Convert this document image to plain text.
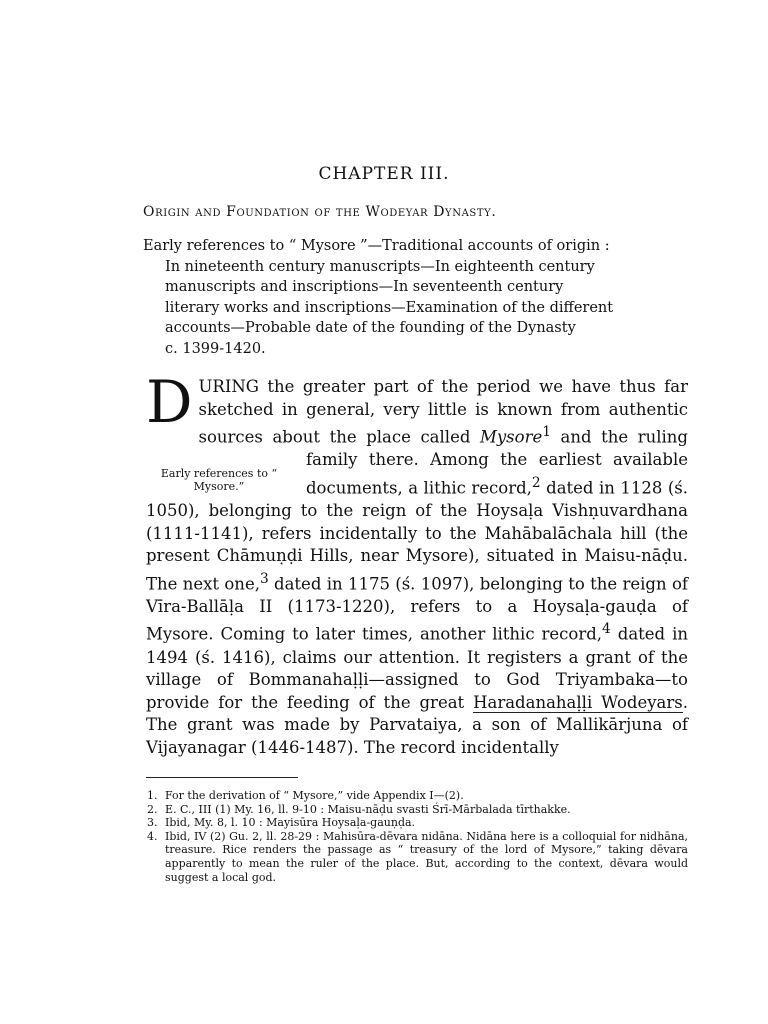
CHAPTER III.
Origin and Foundation of the Wodeyar Dynasty.
Early references to “ Mysore ”—Traditional accounts of origin :
In nineteenth century manuscripts—In eighteenth century
manuscripts and inscriptions—In seventeenth century
literary works and inscriptions—Examination of the different
accounts—Probable date of the founding of the Dynasty
c. 1399-1420.
DURING the greater part of the period we have thus far sketched in general, very little is known from authentic sources about the place called
Early references to “ Mysore.”
Mysore$^1$ and the ruling family there. Among the earliest available documents, a lithic record,$^2$ dated in 1128 (ś. 1050), belonging to the reign of the Hoysaḷa Vishṇuvardhana (1111-1141), refers incidentally to the Mahābalāchala hill (the present Chāmuṇḍi Hills, near Mysore), situated in Maisu-nāḍu. The next one,$^3$ dated in 1175 (ś. 1097), belonging to the reign of Vīra-Ballāḷa II (1173-1220), refers to a Hoysaḷa-gauḍa of Mysore. Coming to later times, another lithic record,$^4$ dated in 1494 (ś. 1416), claims our attention. It registers a grant of the village of Bommanahaḷḷi—assigned to God Triyambaka—to provide for the feeding of the great Haradanahaḷḷi Wodeyars. The grant was made by Parvataiya, a son of Mallikārjuna of Vijayanagar (1446-1487). The record incidentally
1. For the derivation of “ Mysore,” vide Appendix I—(2).
2. E. C., III (1) My. 16, ll. 9-10 : Maisu-nāḍu svasti Śrī-Mārbalada tīrthakke.
3. Ibid, My. 8, l. 10 : Mayisūra Hoysaḷa-gauṇḍa.
4. Ibid, IV (2) Gu. 2, ll. 28-29 : Mahisūra-dēvara nidāna. Nidāna here is a colloquial for nidhāna, treasure. Rice renders the passage as “ treasury of the lord of Mysore,” taking dēvara apparently to mean the ruler of the place. But, according to the context, dēvara would suggest a local god.
